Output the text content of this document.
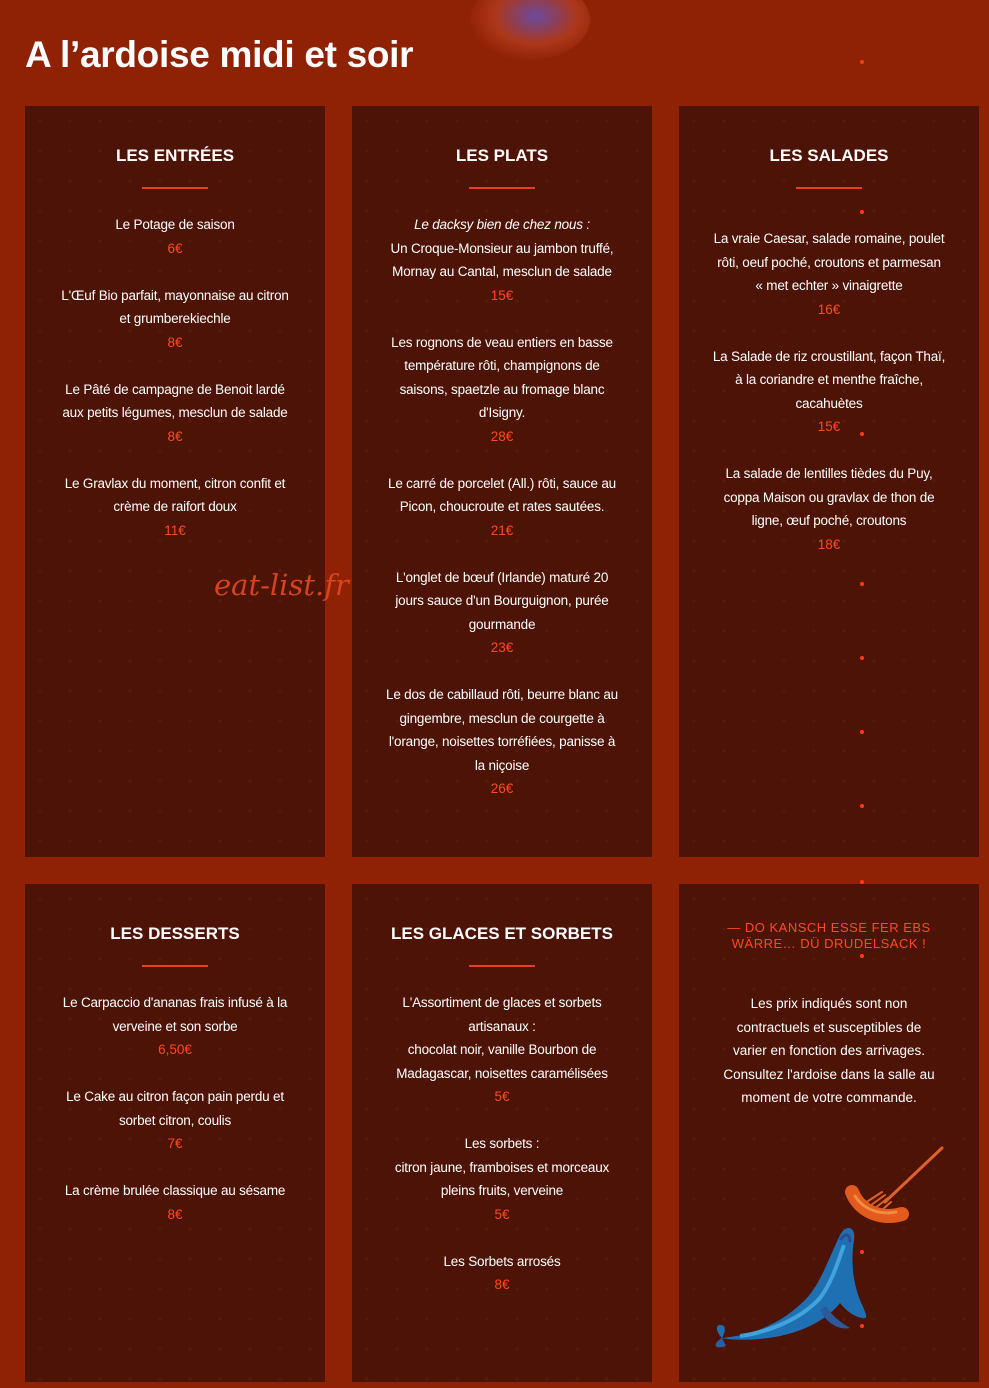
A l’ardoise midi et soir
LES ENTRÉES
Le Potage de saison
6€
L'Œuf Bio parfait, mayonnaise au citron
et grumberekiechle
8€
Le Pâté de campagne de Benoit lardé
aux petits légumes, mesclun de salade
8€
Le Gravlax du moment, citron confit et
crème de raifort doux
11€
LES PLATS
Le dacksy bien de chez nous :
Un Croque-Monsieur au jambon truffé,
Mornay au Cantal, mesclun de salade
15€
Les rognons de veau entiers en basse
température rôti, champignons de
saisons, spaetzle au fromage blanc
d'Isigny.
28€
Le carré de porcelet (All.) rôti, sauce au
Picon, choucroute et rates sautées.
21€
L'onglet de bœuf (Irlande) maturé 20
jours sauce d'un Bourguignon, purée
gourmande
23€
Le dos de cabillaud rôti, beurre blanc au
gingembre, mesclun de courgette à
l'orange, noisettes torréfiées, panisse à
la niçoise
26€
LES SALADES
La vraie Caesar, salade romaine, poulet
rôti, oeuf poché, croutons et parmesan
« met echter » vinaigrette
16€
La Salade de riz croustillant, façon Thaï,
à la coriandre et menthe fraîche,
cacahuètes
15€
La salade de lentilles tièdes du Puy,
coppa Maison ou gravlax de thon de
ligne, œuf poché, croutons
18€
LES DESSERTS
Le Carpaccio d'ananas frais infusé à la
verveine et son sorbe
6,50€
Le Cake au citron façon pain perdu et
sorbet citron, coulis
7€
La crème brulée classique au sésame
8€
LES GLACES ET SORBETS
L'Assortiment de glaces et sorbets
artisanaux :
chocolat noir, vanille Bourbon de
Madagascar, noisettes caramélisées
5€
Les sorbets :
citron jaune, framboises et morceaux
pleins fruits, verveine
5€
Les Sorbets arrosés
8€
— DO KANSCH ESSE FER EBS
WÄRRE… DÜ DRUDELSACK !
Les prix indiqués sont non
contractuels et susceptibles de
varier en fonction des arrivages.
Consultez l'ardoise dans la salle au
moment de votre commande.
eat-list.fr
